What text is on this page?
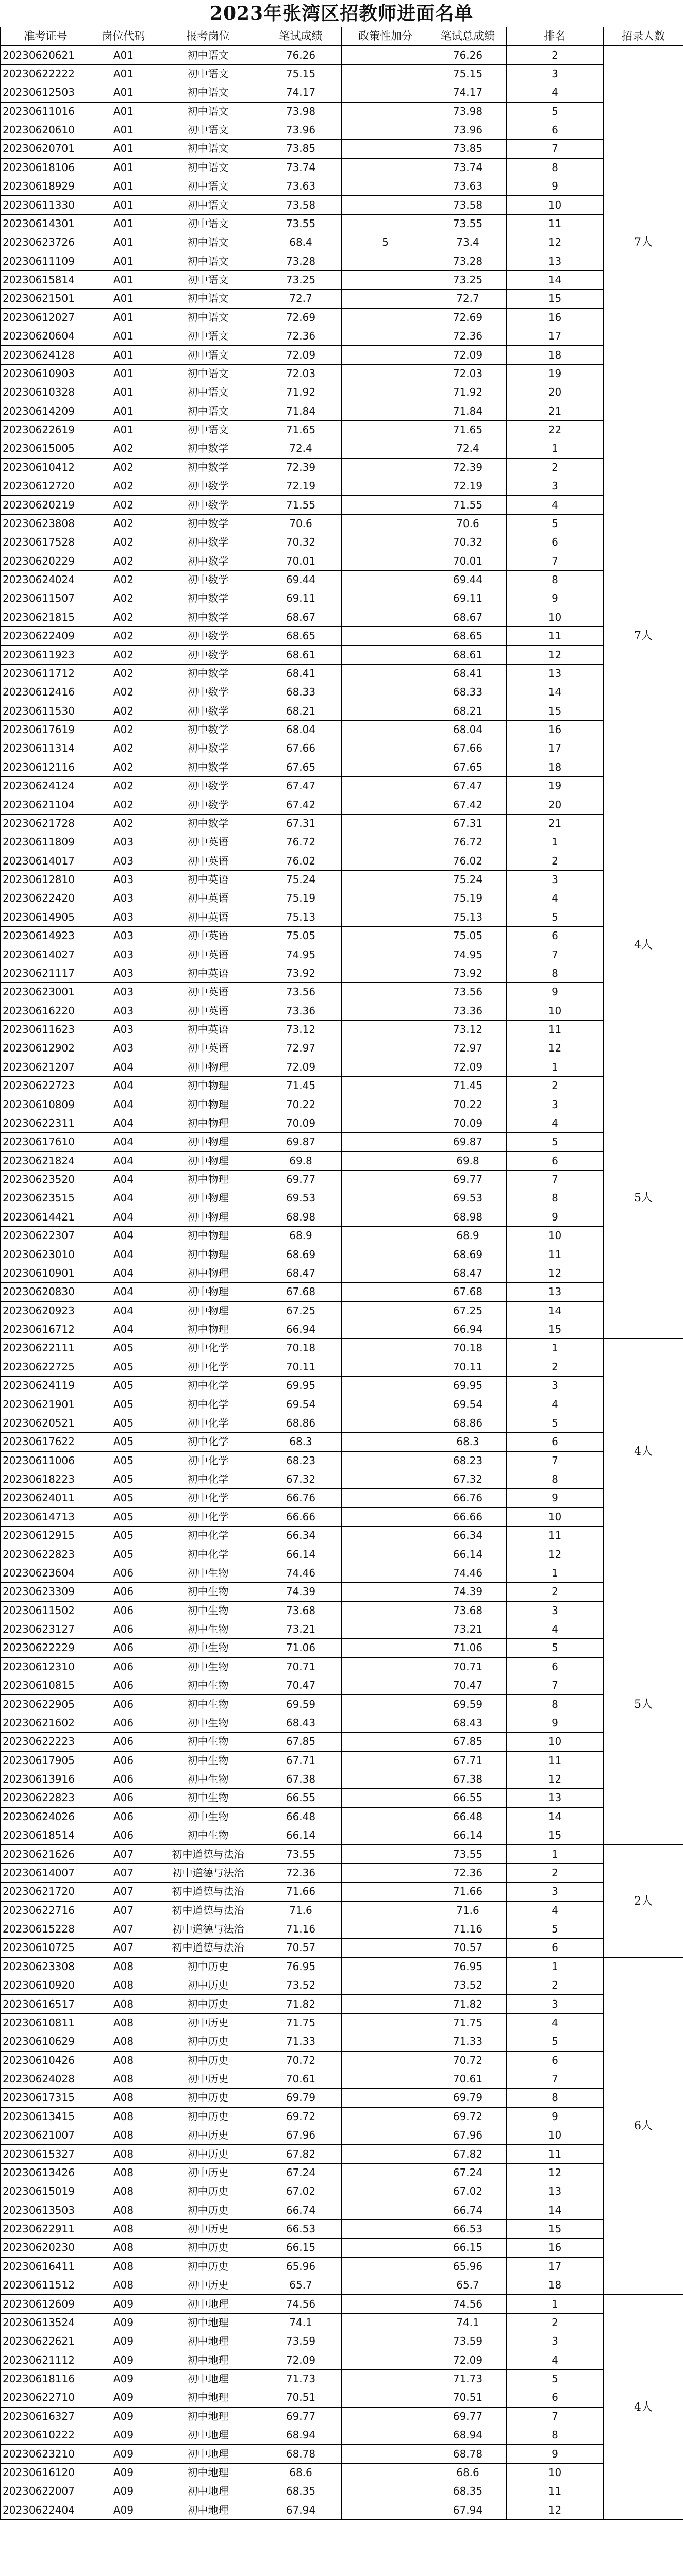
2023年张湾区招教师进面名单
准考证号	岗位代码	报考岗位	笔试成绩	政策性加分	笔试总成绩	排名	招录人数
20230620621	A01	初中语文	76.26		76.26	2	7人
20230622222	A01	初中语文	75.15		75.15	3	
20230612503	A01	初中语文	74.17		74.17	4	
20230611016	A01	初中语文	73.98		73.98	5	
20230620610	A01	初中语文	73.96		73.96	6	
20230620701	A01	初中语文	73.85		73.85	7	
20230618106	A01	初中语文	73.74		73.74	8	
20230618929	A01	初中语文	73.63		73.63	9	
20230611330	A01	初中语文	73.58		73.58	10	
20230614301	A01	初中语文	73.55		73.55	11	
20230623726	A01	初中语文	68.4	5	73.4	12	
20230611109	A01	初中语文	73.28		73.28	13	
20230615814	A01	初中语文	73.25		73.25	14	
20230621501	A01	初中语文	72.7		72.7	15	
20230612027	A01	初中语文	72.69		72.69	16	
20230620604	A01	初中语文	72.36		72.36	17	
20230624128	A01	初中语文	72.09		72.09	18	
20230610903	A01	初中语文	72.03		72.03	19	
20230610328	A01	初中语文	71.92		71.92	20	
20230614209	A01	初中语文	71.84		71.84	21	
20230622619	A01	初中语文	71.65		71.65	22	
20230615005	A02	初中数学	72.4		72.4	1	7人
20230610412	A02	初中数学	72.39		72.39	2	
20230612720	A02	初中数学	72.19		72.19	3	
20230620219	A02	初中数学	71.55		71.55	4	
20230623808	A02	初中数学	70.6		70.6	5	
20230617528	A02	初中数学	70.32		70.32	6	
20230620229	A02	初中数学	70.01		70.01	7	
20230624024	A02	初中数学	69.44		69.44	8	
20230611507	A02	初中数学	69.11		69.11	9	
20230621815	A02	初中数学	68.67		68.67	10	
20230622409	A02	初中数学	68.65		68.65	11	
20230611923	A02	初中数学	68.61		68.61	12	
20230611712	A02	初中数学	68.41		68.41	13	
20230612416	A02	初中数学	68.33		68.33	14	
20230611530	A02	初中数学	68.21		68.21	15	
20230617619	A02	初中数学	68.04		68.04	16	
20230611314	A02	初中数学	67.66		67.66	17	
20230612116	A02	初中数学	67.65		67.65	18	
20230624124	A02	初中数学	67.47		67.47	19	
20230621104	A02	初中数学	67.42		67.42	20	
20230621728	A02	初中数学	67.31		67.31	21	
20230611809	A03	初中英语	76.72		76.72	1	4人
20230614017	A03	初中英语	76.02		76.02	2	
20230612810	A03	初中英语	75.24		75.24	3	
20230622420	A03	初中英语	75.19		75.19	4	
20230614905	A03	初中英语	75.13		75.13	5	
20230614923	A03	初中英语	75.05		75.05	6	
20230614027	A03	初中英语	74.95		74.95	7	
20230621117	A03	初中英语	73.92		73.92	8	
20230623001	A03	初中英语	73.56		73.56	9	
20230616220	A03	初中英语	73.36		73.36	10	
20230611623	A03	初中英语	73.12		73.12	11	
20230612902	A03	初中英语	72.97		72.97	12	
20230621207	A04	初中物理	72.09		72.09	1	5人
20230622723	A04	初中物理	71.45		71.45	2	
20230610809	A04	初中物理	70.22		70.22	3	
20230622311	A04	初中物理	70.09		70.09	4	
20230617610	A04	初中物理	69.87		69.87	5	
20230621824	A04	初中物理	69.8		69.8	6	
20230623520	A04	初中物理	69.77		69.77	7	
20230623515	A04	初中物理	69.53		69.53	8	
20230614421	A04	初中物理	68.98		68.98	9	
20230622307	A04	初中物理	68.9		68.9	10	
20230623010	A04	初中物理	68.69		68.69	11	
20230610901	A04	初中物理	68.47		68.47	12	
20230620830	A04	初中物理	67.68		67.68	13	
20230620923	A04	初中物理	67.25		67.25	14	
20230616712	A04	初中物理	66.94		66.94	15	
20230622111	A05	初中化学	70.18		70.18	1	4人
20230622725	A05	初中化学	70.11		70.11	2	
20230624119	A05	初中化学	69.95		69.95	3	
20230621901	A05	初中化学	69.54		69.54	4	
20230620521	A05	初中化学	68.86		68.86	5	
20230617622	A05	初中化学	68.3		68.3	6	
20230611006	A05	初中化学	68.23		68.23	7	
20230618223	A05	初中化学	67.32		67.32	8	
20230624011	A05	初中化学	66.76		66.76	9	
20230614713	A05	初中化学	66.66		66.66	10	
20230612915	A05	初中化学	66.34		66.34	11	
20230622823	A05	初中化学	66.14		66.14	12	
20230623604	A06	初中生物	74.46		74.46	1	5人
20230623309	A06	初中生物	74.39		74.39	2	
20230611502	A06	初中生物	73.68		73.68	3	
20230623127	A06	初中生物	73.21		73.21	4	
20230622229	A06	初中生物	71.06		71.06	5	
20230612310	A06	初中生物	70.71		70.71	6	
20230610815	A06	初中生物	70.47		70.47	7	
20230622905	A06	初中生物	69.59		69.59	8	
20230621602	A06	初中生物	68.43		68.43	9	
20230622223	A06	初中生物	67.85		67.85	10	
20230617905	A06	初中生物	67.71		67.71	11	
20230613916	A06	初中生物	67.38		67.38	12	
20230622823	A06	初中生物	66.55		66.55	13	
20230624026	A06	初中生物	66.48		66.48	14	
20230618514	A06	初中生物	66.14		66.14	15	
20230621626	A07	初中道德与法治	73.55		73.55	1	2人
20230614007	A07	初中道德与法治	72.36		72.36	2	
20230621720	A07	初中道德与法治	71.66		71.66	3	
20230622716	A07	初中道德与法治	71.6		71.6	4	
20230615228	A07	初中道德与法治	71.16		71.16	5	
20230610725	A07	初中道德与法治	70.57		70.57	6	
20230623308	A08	初中历史	76.95		76.95	1	6人
20230610920	A08	初中历史	73.52		73.52	2	
20230616517	A08	初中历史	71.82		71.82	3	
20230610811	A08	初中历史	71.75		71.75	4	
20230610629	A08	初中历史	71.33		71.33	5	
20230610426	A08	初中历史	70.72		70.72	6	
20230624028	A08	初中历史	70.61		70.61	7	
20230617315	A08	初中历史	69.79		69.79	8	
20230613415	A08	初中历史	69.72		69.72	9	
20230621007	A08	初中历史	67.96		67.96	10	
20230615327	A08	初中历史	67.82		67.82	11	
20230613426	A08	初中历史	67.24		67.24	12	
20230615019	A08	初中历史	67.02		67.02	13	
20230613503	A08	初中历史	66.74		66.74	14	
20230622911	A08	初中历史	66.53		66.53	15	
20230620230	A08	初中历史	66.15		66.15	16	
20230616411	A08	初中历史	65.96		65.96	17	
20230611512	A08	初中历史	65.7		65.7	18	
20230612609	A09	初中地理	74.56		74.56	1	4人
20230613524	A09	初中地理	74.1		74.1	2	
20230622621	A09	初中地理	73.59		73.59	3	
20230621112	A09	初中地理	72.09		72.09	4	
20230618116	A09	初中地理	71.73		71.73	5	
20230622710	A09	初中地理	70.51		70.51	6	
20230616327	A09	初中地理	69.77		69.77	7	
20230610222	A09	初中地理	68.94		68.94	8	
20230623210	A09	初中地理	68.78		68.78	9	
20230616120	A09	初中地理	68.6		68.6	10	
20230622007	A09	初中地理	68.35		68.35	11	
20230622404	A09	初中地理	67.94		67.94	12	
